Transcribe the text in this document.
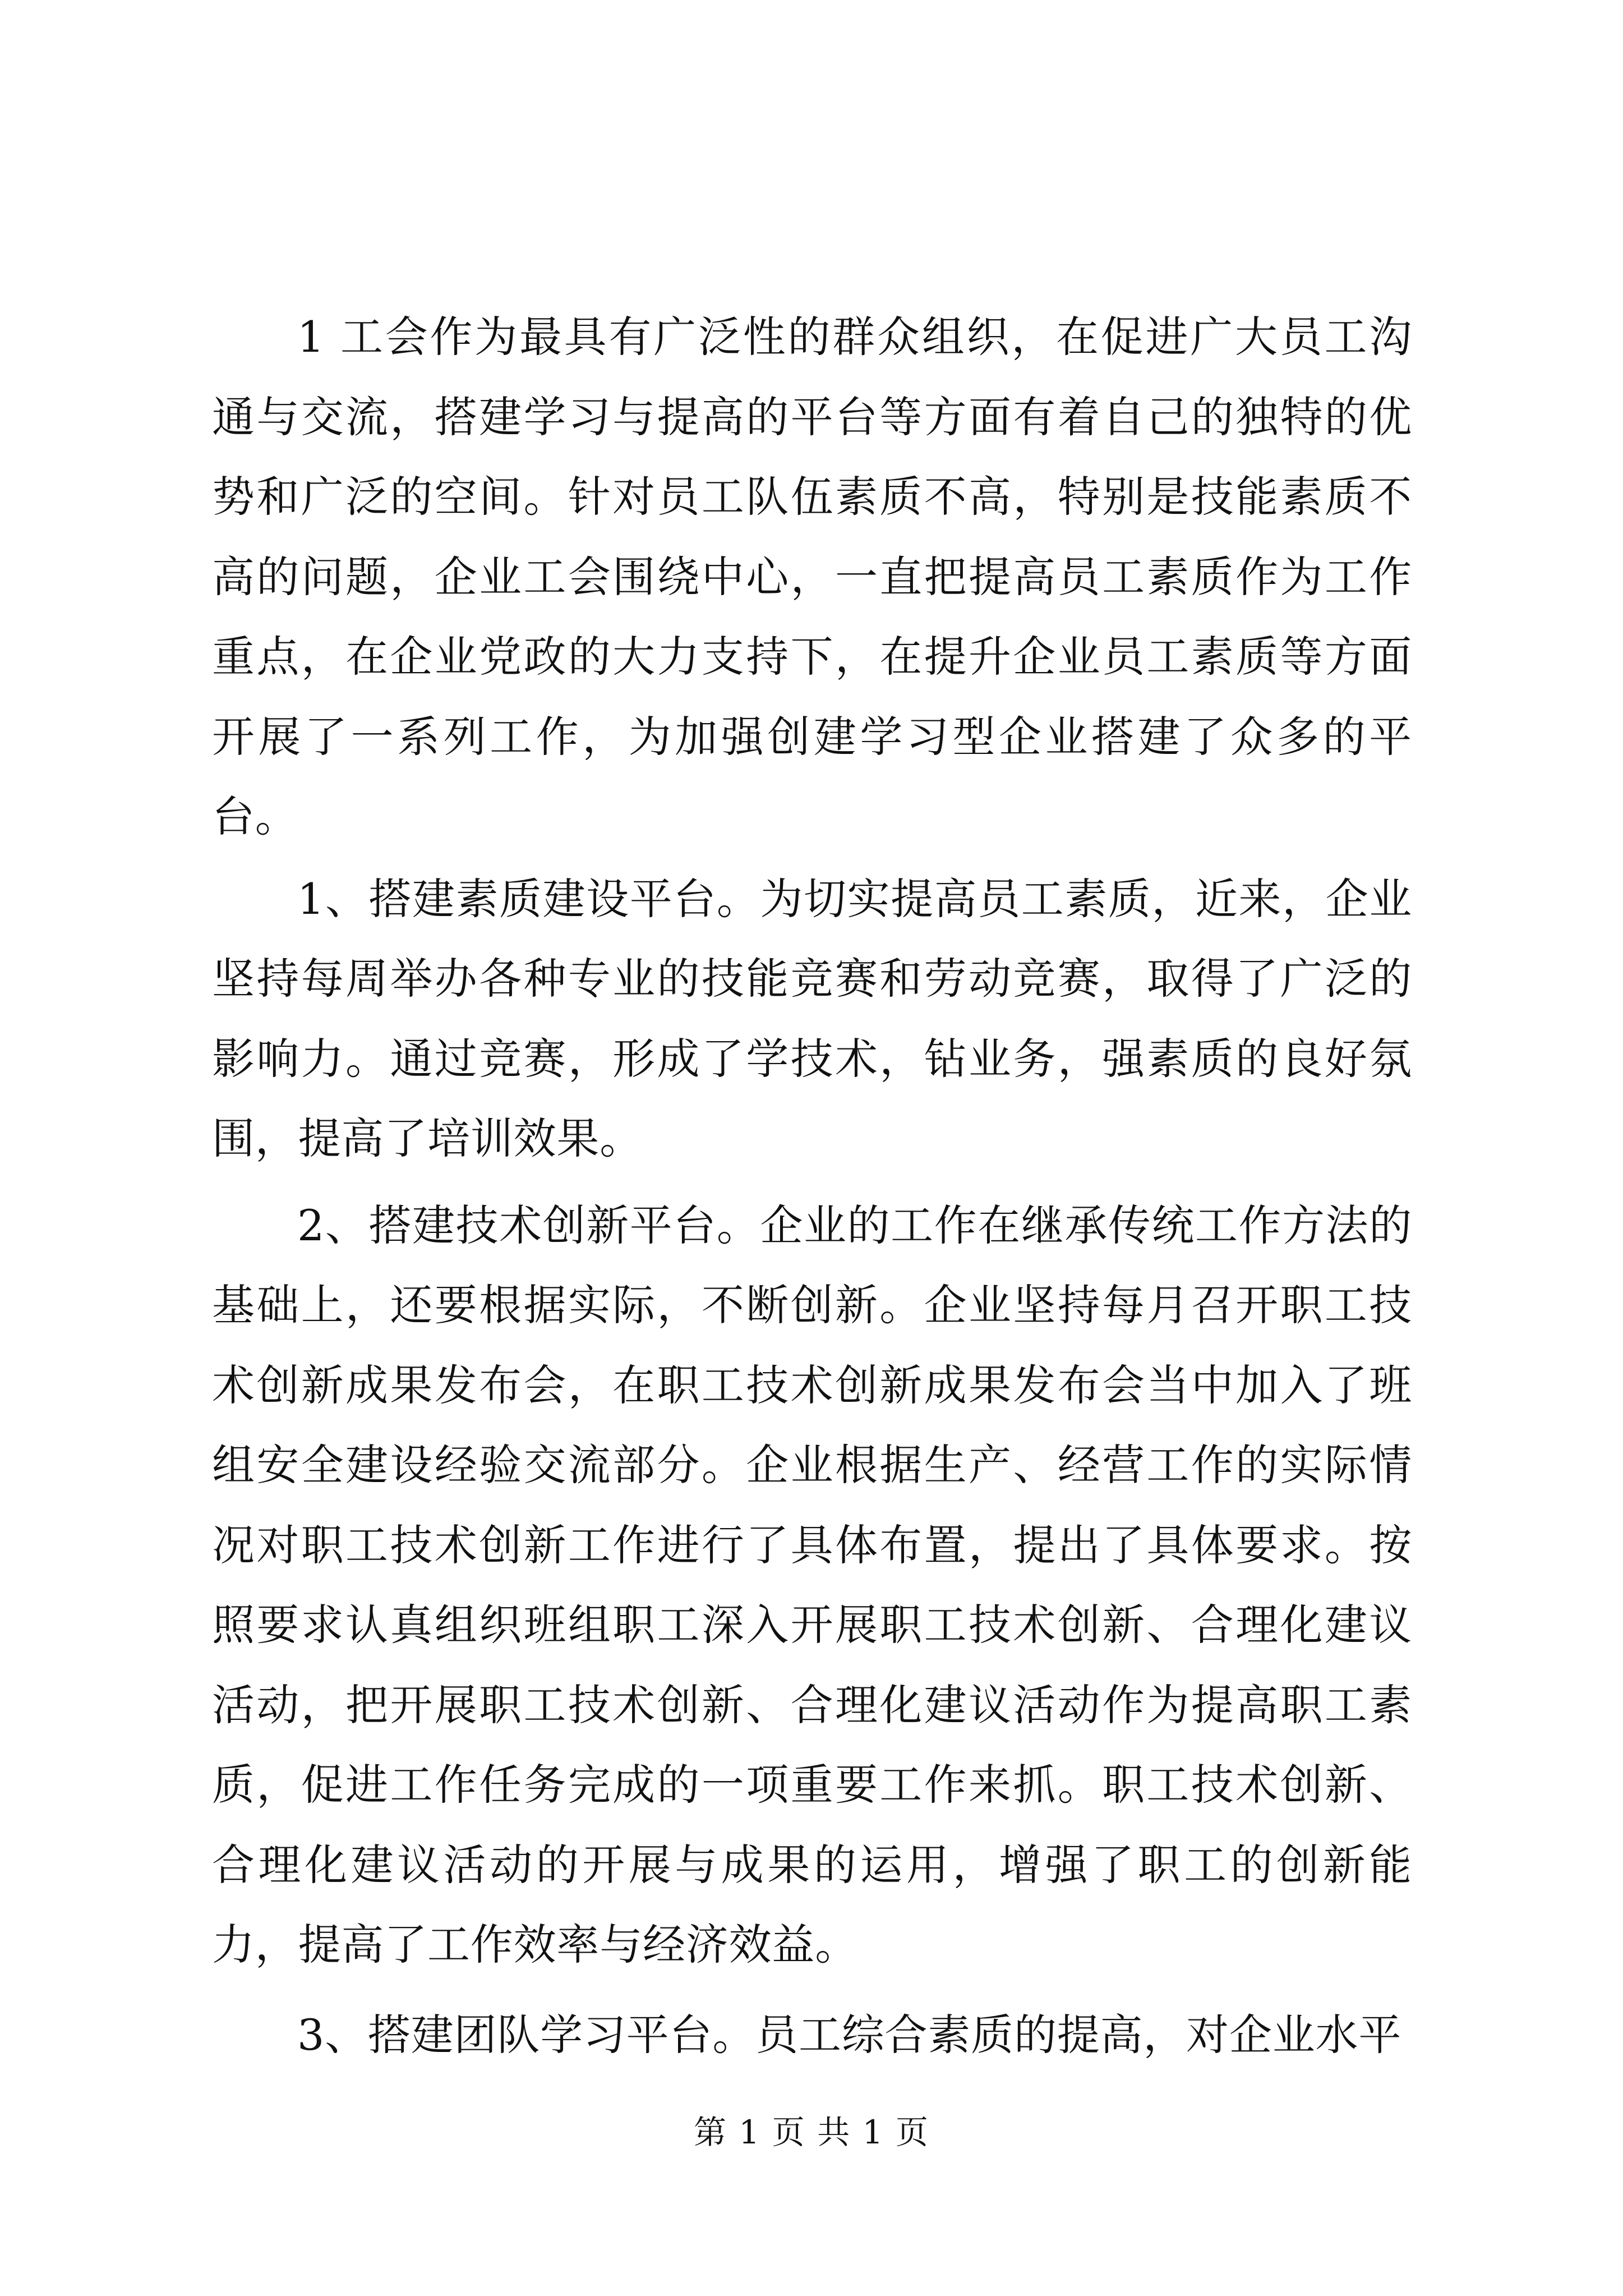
1 工会作为最具有广泛性的群众组织，在促进广大员工沟通与交流，搭建学习与提高的平台等方面有着自己的独特的优势和广泛的空间。针对员工队伍素质不高，特别是技能素质不高的问题，企业工会围绕中心，一直把提高员工素质作为工作重点，在企业党政的大力支持下，在提升企业员工素质等方面开展了一系列工作，为加强创建学习型企业搭建了众多的平台。

1、搭建素质建设平台。为切实提高员工素质，近来，企业坚持每周举办各种专业的技能竞赛和劳动竞赛，取得了广泛的影响力。通过竞赛，形成了学技术，钻业务，强素质的良好氛围，提高了培训效果。

2、搭建技术创新平台。企业的工作在继承传统工作方法的基础上，还要根据实际，不断创新。企业坚持每月召开职工技术创新成果发布会，在职工技术创新成果发布会当中加入了班组安全建设经验交流部分。企业根据生产、经营工作的实际情况对职工技术创新工作进行了具体布置，提出了具体要求。按照要求认真组织班组职工深入开展职工技术创新、合理化建议活动，把开展职工技术创新、合理化建议活动作为提高职工素质，促进工作任务完成的一项重要工作来抓。职工技术创新、合理化建议活动的开展与成果的运用，增强了职工的创新能力，提高了工作效率与经济效益。

3、搭建团队学习平台。员工综合素质的提高，对企业水平

第 1 页 共 1 页
